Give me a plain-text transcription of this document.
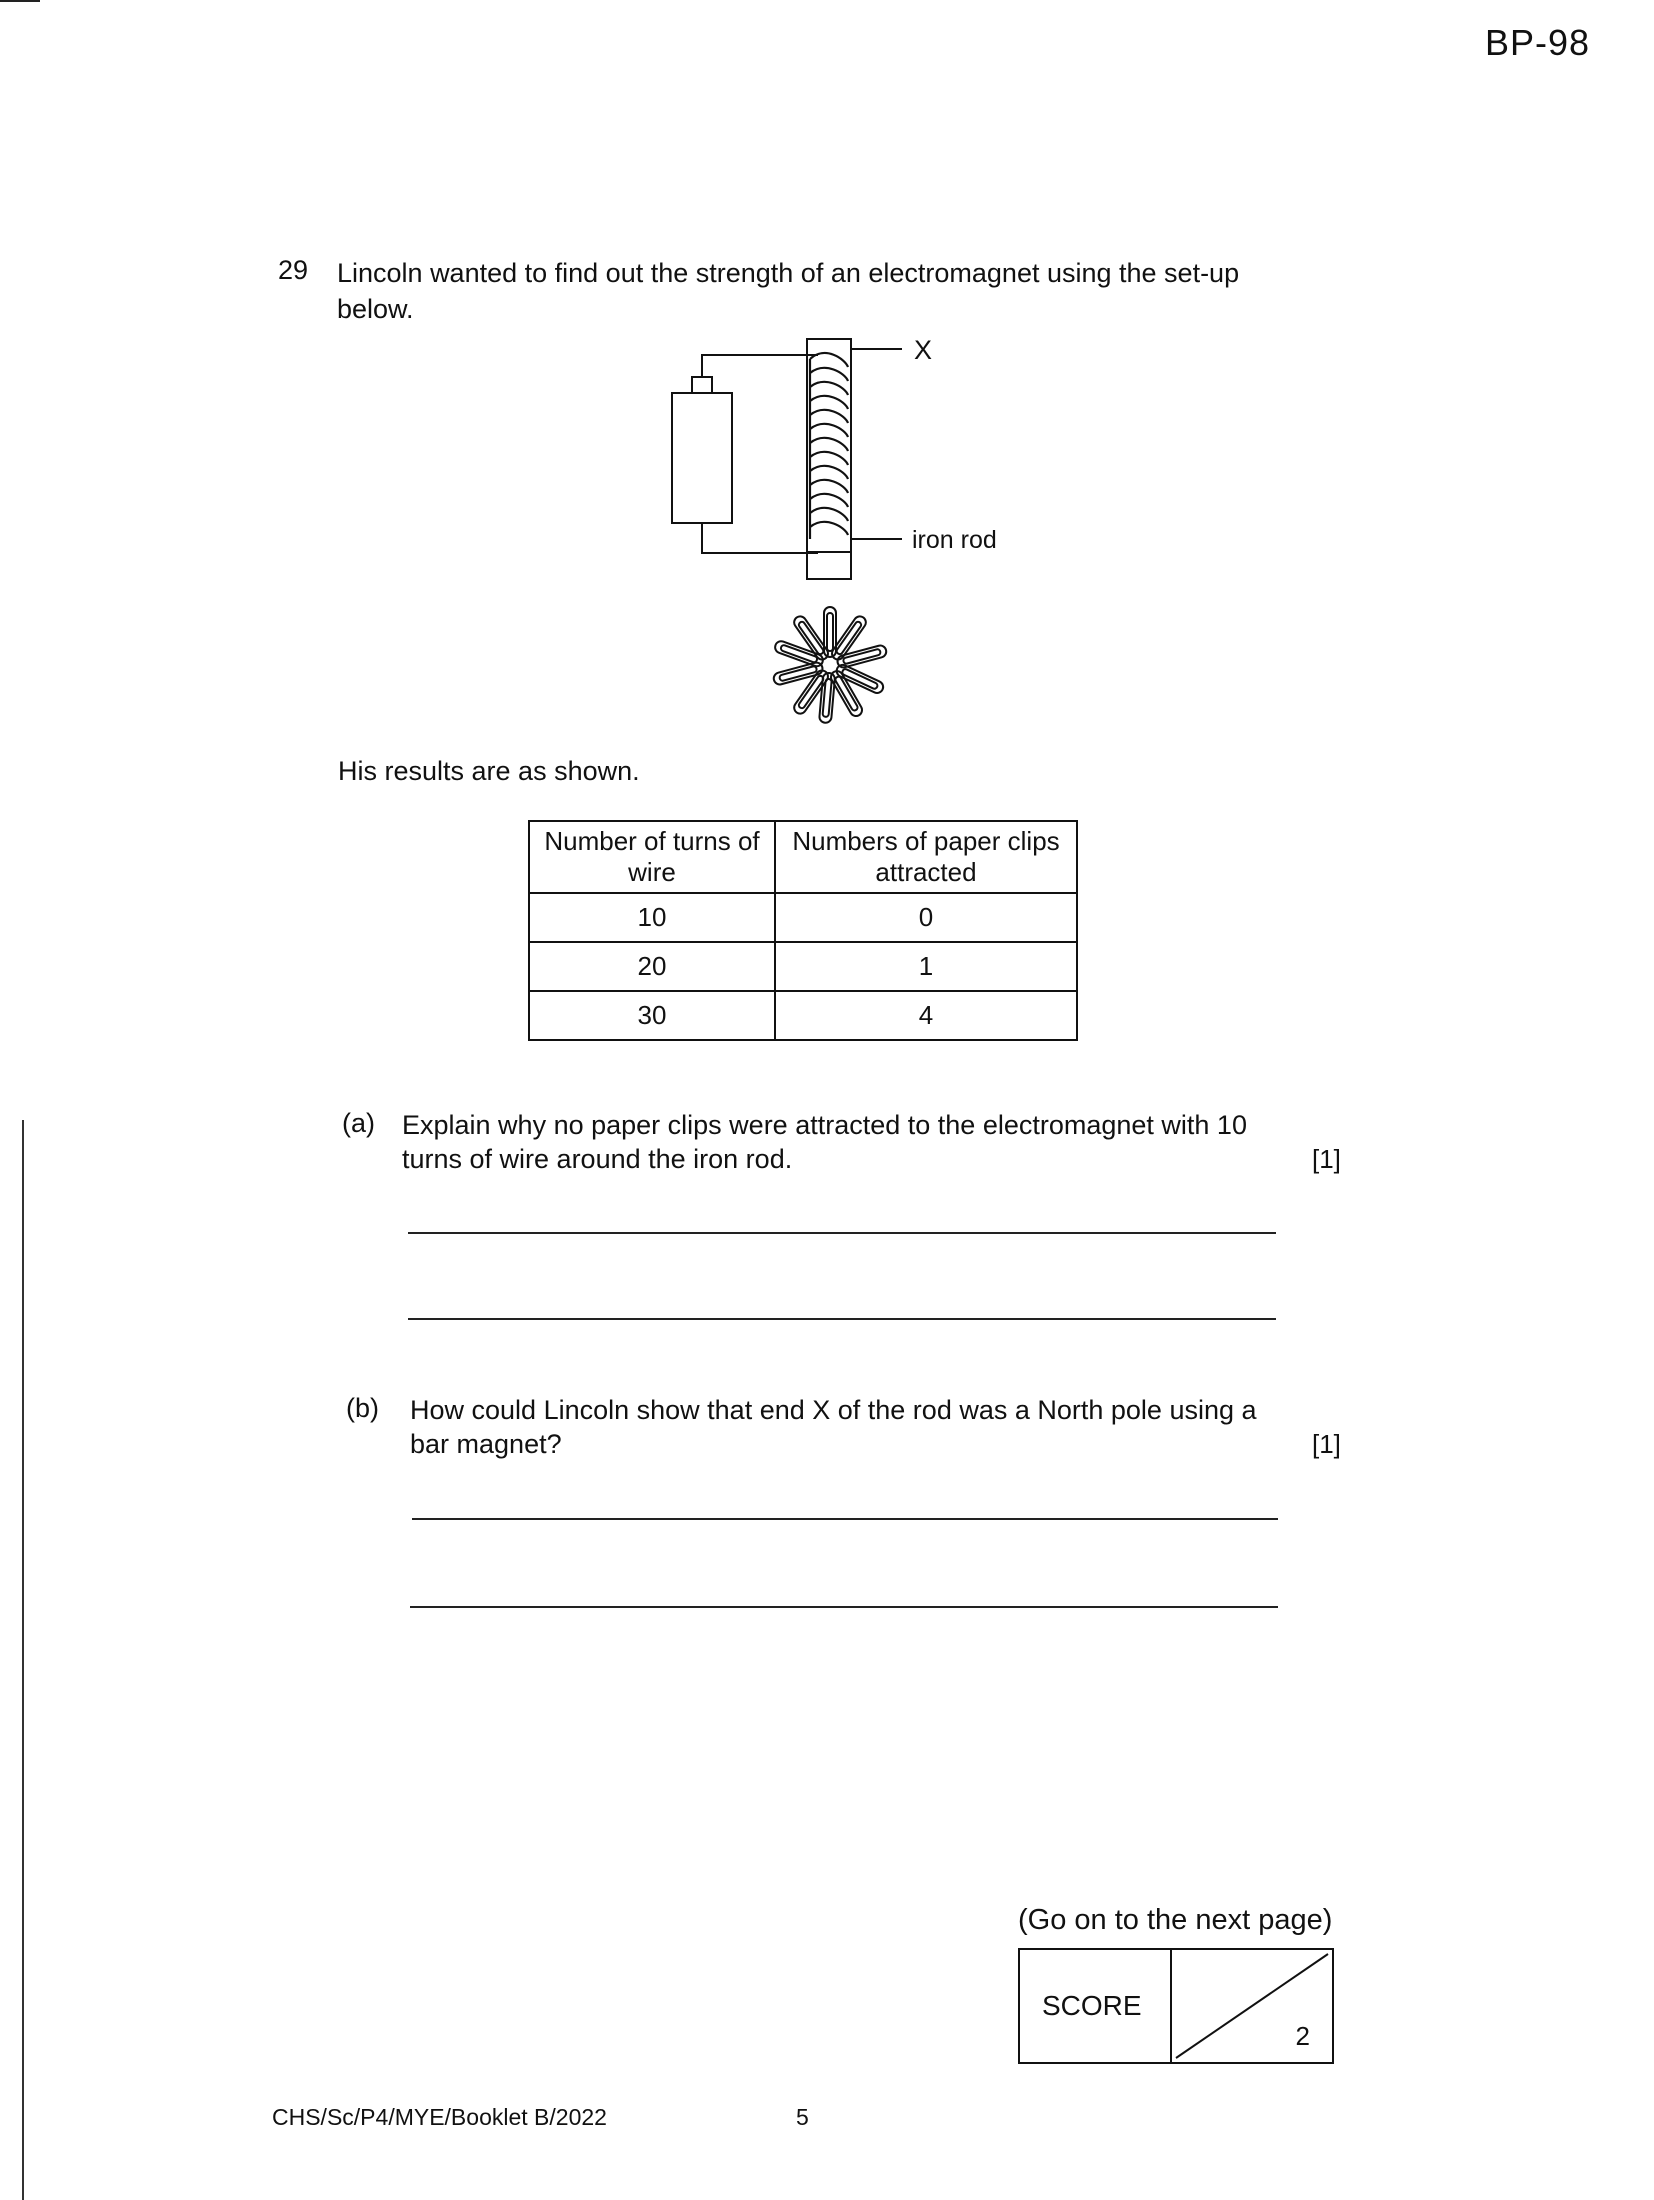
BP-98
29 Lincoln wanted to find out the strength of an electromagnet using the set-up below.
X
iron rod
His results are as shown.
Number of turns of wire	Numbers of paper clips attracted
10	0
20	1
30	4
(a) Explain why no paper clips were attracted to the electromagnet with 10 turns of wire around the iron rod.	[1]
(b) How could Lincoln show that end X of the rod was a North pole using a bar magnet?	[1]
(Go on to the next page)
SCORE
2
CHS/Sc/P4/MYE/Booklet B/2022	5
